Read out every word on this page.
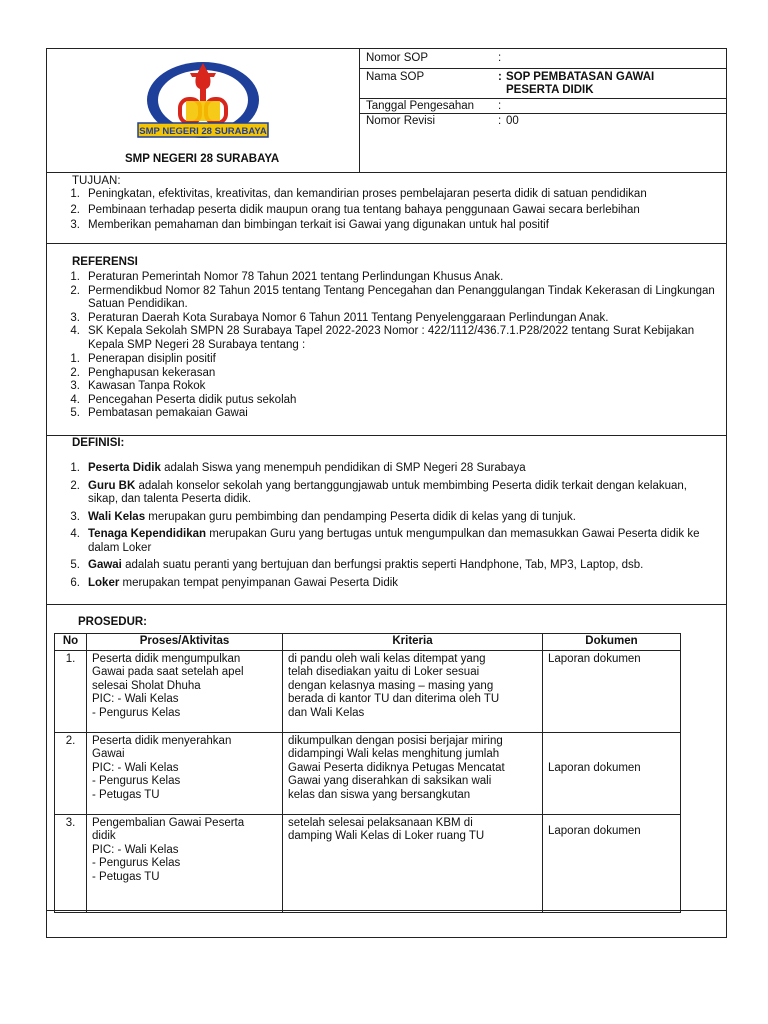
SMP NEGERI 28 SURABAYA
SMP NEGERI 28 SURABAYA
Nomor SOP	:
Nama SOP	: SOP PEMBATASAN GAWAI
PESERTA DIDIK
Tanggal Pengesahan :
Nomor Revisi	: 00
TUJUAN:
1. Peningkatan, efektivitas, kreativitas, dan kemandirian proses pembelajaran peserta didik di satuan pendidikan
2. Pembinaan terhadap peserta didik maupun orang tua tentang bahaya penggunaan Gawai secara berlebihan
3. Memberikan pemahaman dan bimbingan terkait isi Gawai yang digunakan untuk hal positif
REFERENSI
1. Peraturan Pemerintah Nomor 78 Tahun 2021 tentang Perlindungan Khusus Anak.
2. Permendikbud Nomor 82 Tahun 2015 tentang Tentang Pencegahan dan Penanggulangan Tindak Kekerasan di Lingkungan Satuan Pendidikan.
3. Peraturan Daerah Kota Surabaya Nomor 6 Tahun 2011 Tentang Penyelenggaraan Perlindungan Anak.
4. SK Kepala Sekolah SMPN 28 Surabaya Tapel 2022-2023 Nomor : 422/1112/436.7.1.P28/2022 tentang Surat Kebijakan Kepala SMP Negeri 28 Surabaya tentang :
1. Penerapan disiplin positif
2. Penghapusan kekerasan
3. Kawasan Tanpa Rokok
4. Pencegahan Peserta didik putus sekolah
5. Pembatasan pemakaian Gawai
DEFINISI:
1. Peserta Didik adalah Siswa yang menempuh pendidikan di SMP Negeri 28 Surabaya
2. Guru BK adalah konselor sekolah yang bertanggungjawab untuk membimbing Peserta didik terkait dengan kelakuan, sikap, dan talenta Peserta didik.
3. Wali Kelas merupakan guru pembimbing dan pendamping Peserta didik di kelas yang di tunjuk.
4. Tenaga Kependidikan merupakan Guru yang bertugas untuk mengumpulkan dan memasukkan Gawai Peserta didik ke dalam Loker
5. Gawai adalah suatu peranti yang bertujuan dan berfungsi praktis seperti Handphone, Tab, MP3, Laptop, dsb.
6. Loker merupakan tempat penyimpanan Gawai Peserta Didik
PROSEDUR:
No	Proses/Aktivitas	Kriteria	Dokumen
1.	Peserta didik mengumpulkan
Gawai pada saat setelah apel
selesai Sholat Dhuha
PIC: - Wali Kelas
- Pengurus Kelas	di pandu oleh wali kelas ditempat yang
telah disediakan yaitu di Loker sesuai
dengan kelasnya masing – masing yang
berada di kantor TU dan diterima oleh TU
dan Wali Kelas	Laporan dokumen
2.	Peserta didik menyerahkan
Gawai
PIC: - Wali Kelas
- Pengurus Kelas
- Petugas TU	dikumpulkan dengan posisi berjajar miring
didampingi Wali kelas menghitung jumlah
Gawai Peserta didiknya Petugas Mencatat
Gawai yang diserahkan di saksikan wali
kelas dan siswa yang bersangkutan	Laporan dokumen
3.	Pengembalian Gawai Peserta
didik
PIC: - Wali Kelas
- Pengurus Kelas
- Petugas TU	setelah selesai pelaksanaan KBM di
damping Wali Kelas di Loker ruang TU	Laporan dokumen
